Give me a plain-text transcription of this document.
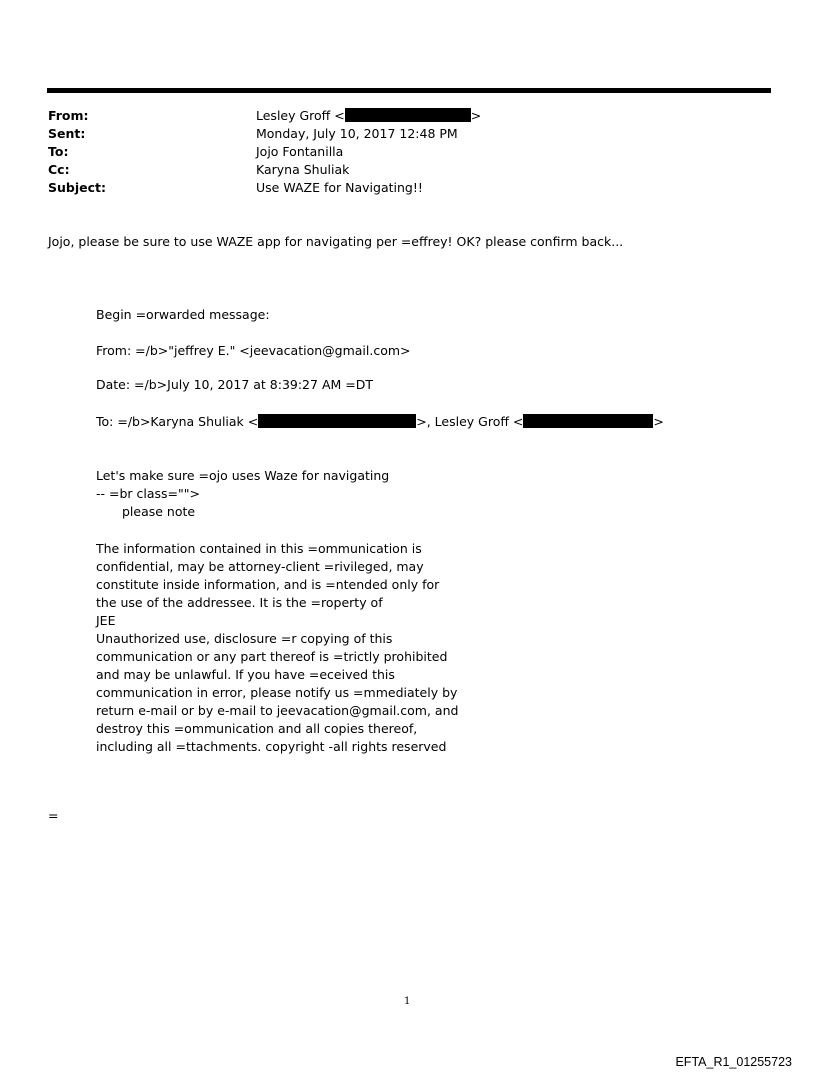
From:	Lesley Groff <	>
Sent:	Monday, July 10, 2017 12:48 PM
To:	Jojo Fontanilla
Cc:	Karyna Shuliak
Subject:	Use WAZE for Navigating!!
Jojo, please be sure to use WAZE app for navigating per =effrey! OK? please confirm back...
Begin =orwarded message:
From: =/b>"jeffrey E." <jeevacation@gmail.com>
Date: =/b>July 10, 2017 at 8:39:27 AM =DT
To: =/b>Karyna Shuliak <	>, Lesley Groff <	>
Let's make sure =ojo uses Waze for navigating
-- =br class="">
please note
The information contained in this =ommunication is
confidential, may be attorney-client =rivileged, may
constitute inside information, and is =ntended only for
the use of the addressee. It is the =roperty of
JEE
Unauthorized use, disclosure =r copying of this
communication or any part thereof is =trictly prohibited
and may be unlawful. If you have =eceived this
communication in error, please notify us =mmediately by
return e-mail or by e-mail to jeevacation@gmail.com, and
destroy this =ommunication and all copies thereof,
including all =ttachments. copyright -all rights reserved
=
1
EFTA_R1_01255723
